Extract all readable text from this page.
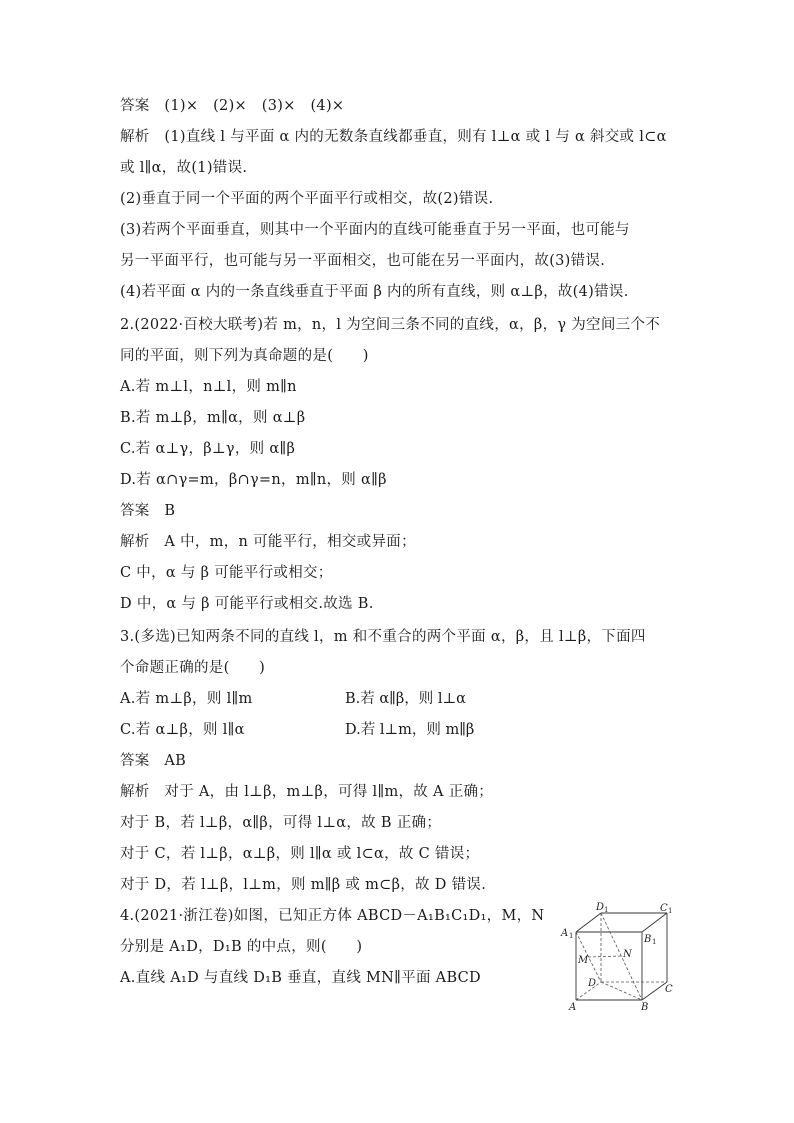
答案　(1)×　(2)×　(3)×　(4)×
解析　(1)直线 l 与平面 α 内的无数条直线都垂直，则有 l⊥α 或 l 与 α 斜交或 l⊂α
或 l∥α，故(1)错误.
(2)垂直于同一个平面的两个平面平行或相交，故(2)错误.
(3)若两个平面垂直，则其中一个平面内的直线可能垂直于另一平面，也可能与
另一平面平行，也可能与另一平面相交，也可能在另一平面内，故(3)错误.
(4)若平面 α 内的一条直线垂直于平面 β 内的所有直线，则 α⊥β，故(4)错误.
2.(2022·百校大联考)若 m，n，l 为空间三条不同的直线，α，β，γ 为空间三个不
同的平面，则下列为真命题的是(　　)
A.若 m⊥l，n⊥l，则 m∥n
B.若 m⊥β，m∥α，则 α⊥β
C.若 α⊥γ，β⊥γ，则 α∥β
D.若 α∩γ=m，β∩γ=n，m∥n，则 α∥β
答案　B
解析　A 中，m，n 可能平行，相交或异面；
C 中，α 与 β 可能平行或相交；
D 中，α 与 β 可能平行或相交.故选 B.
3.(多选)已知两条不同的直线 l，m 和不重合的两个平面 α，β，且 l⊥β，下面四
个命题正确的是(　　)
A.若 m⊥β，则 l∥m	B.若 α∥β，则 l⊥α
C.若 α⊥β，则 l∥α	D.若 l⊥m，则 m∥β
答案　AB
解析　对于 A，由 l⊥β，m⊥β，可得 l∥m，故 A 正确；
对于 B，若 l⊥β，α∥β，可得 l⊥α，故 B 正确；
对于 C，若 l⊥β，α⊥β，则 l∥α 或 l⊂α，故 C 错误；
对于 D，若 l⊥β，l⊥m，则 m∥β 或 m⊂β，故 D 错误.
4.(2021·浙江卷)如图，已知正方体 ABCD－A₁B₁C₁D₁，M，N
分别是 A₁D，D₁B 的中点，则(　　)
A.直线 A₁D 与直线 D₁B 垂直，直线 MN∥平面 ABCD
D 1	C 1
A 1	B 1
M
N
D
A	B
C
